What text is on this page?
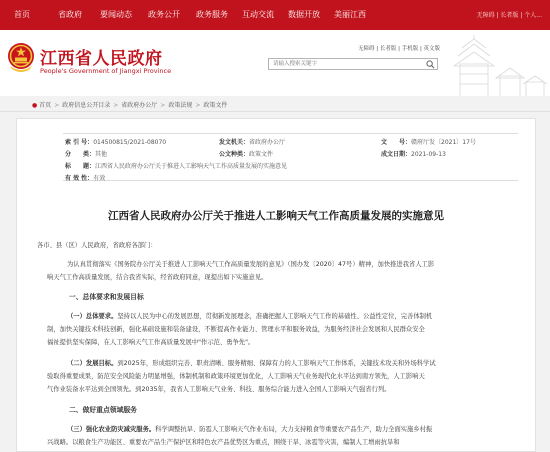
首页	省政府 要闻动态 政务公开 政务服务 互动交流 数据开放 美丽江西	无障碍 | 长者版 | 个人...
江西省人民政府
People's Government of Jiangxi Province
无障碍 | 长者版 | 手机版 | 英文版
请输入搜索关键字
● 首页 > 政府信息公开目录 > 省政府办公厅 > 政策法规 > 政策文件
索 引 号：014500815/2021-08070	发文机关：省政府办公厅	文　　号：赣府厅发〔2021〕17号
分　　类：其他	公文种类：政策文件	成文日期：2021-09-13
标　　题：江西省人民政府办公厅关于推进人工影响天气工作高质量发展的实施意见
有 效 性：有效
江西省人民政府办公厅关于推进人工影响天气工作高质量发展的实施意见
各市、县（区）人民政府，省政府各部门：
为认真贯彻落实《国务院办公厅关于推进人工影响天气工作高质量发展的意见》（国办发〔2020〕47号）精神，加快推进我省人工影
响天气工作高质量发展，结合我省实际，经省政府同意，现提出如下实施意见。
一、总体要求和发展目标
（一）总体要求。坚持以人民为中心的发展思想，贯彻新发展理念，准确把握人工影响天气工作的基础性、公益性定位，完善体制机
制，加快关键技术科技创新，强化基础设施和装备建设，不断提高作业能力、管理水平和服务效益，为服务经济社会发展和人民群众安全
福祉提供坚实保障，在人工影响天气工作高质量发展中"作示范、勇争先"。
（二）发展目标。到2025年，形成组织完善、职责清晰、服务精细、保障有力的人工影响天气工作体系，关键技术攻关和外场科学试
验取得重要成果，防范安全风险能力明显增强，体制机制和政策环境更加优化，人工影响天气业务现代化水平达到南方领先，人工影响天
气作业装备水平达到全国领先。到2035年，我省人工影响天气业务、科技、服务综合能力进入全国人工影响天气强省行列。
二、做好重点领域服务
（三）强化农业防灾减灾服务。科学调整抗旱、防雹人工影响天气作业布局，大力支持粮食等重要农产品生产，助力全面实施乡村振
兴战略。以粮食生产功能区、重要农产品生产保护区和特色农产品优势区为重点，围绕干旱、冰雹等灾害，编制人工增雨抗旱和
